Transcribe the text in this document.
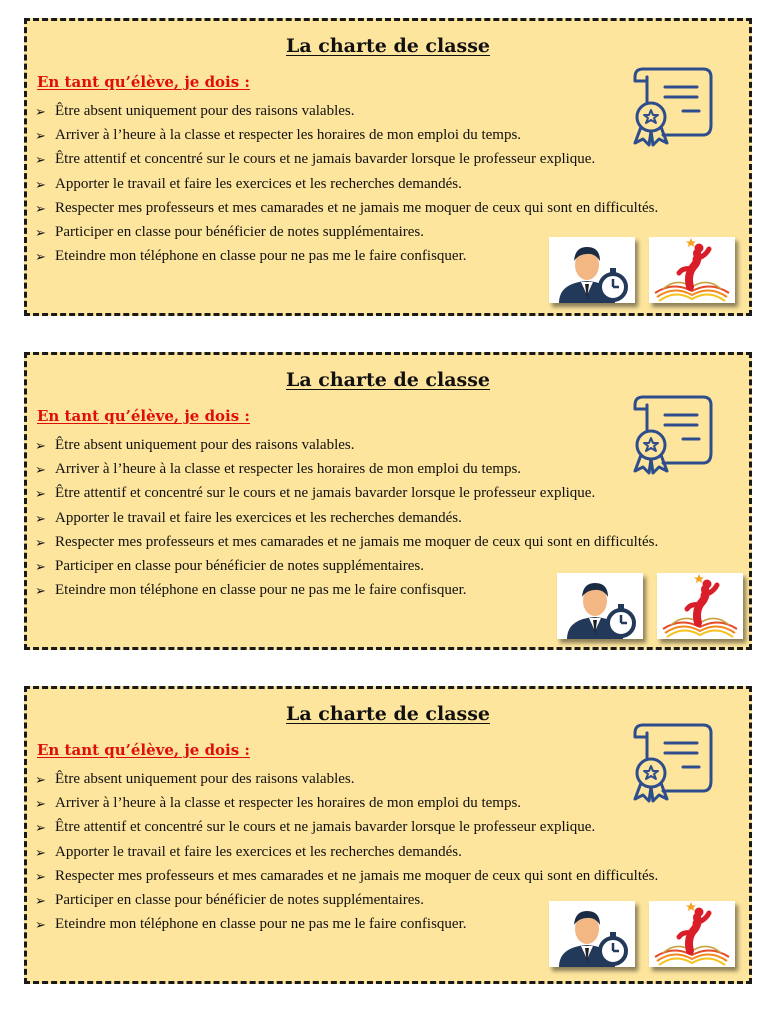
La charte de classe
En tant qu’élève, je dois :
➢ Être absent uniquement pour des raisons valables.
➢ Arriver à l’heure à la classe et respecter les horaires de mon emploi du temps.
➢ Être attentif et concentré sur le cours et ne jamais bavarder lorsque le professeur explique.
➢ Apporter le travail et faire les exercices et les recherches demandés.
➢ Respecter mes professeurs et mes camarades et ne jamais me moquer de ceux qui sont en difficultés.
➢ Participer en classe pour bénéficier de notes supplémentaires.
➢ Eteindre mon téléphone en classe pour ne pas me le faire confisquer.
La charte de classe
En tant qu’élève, je dois :
➢ Être absent uniquement pour des raisons valables.
➢ Arriver à l’heure à la classe et respecter les horaires de mon emploi du temps.
➢ Être attentif et concentré sur le cours et ne jamais bavarder lorsque le professeur explique.
➢ Apporter le travail et faire les exercices et les recherches demandés.
➢ Respecter mes professeurs et mes camarades et ne jamais me moquer de ceux qui sont en difficultés.
➢ Participer en classe pour bénéficier de notes supplémentaires.
➢ Eteindre mon téléphone en classe pour ne pas me le faire confisquer.
La charte de classe
En tant qu’élève, je dois :
➢ Être absent uniquement pour des raisons valables.
➢ Arriver à l’heure à la classe et respecter les horaires de mon emploi du temps.
➢ Être attentif et concentré sur le cours et ne jamais bavarder lorsque le professeur explique.
➢ Apporter le travail et faire les exercices et les recherches demandés.
➢ Respecter mes professeurs et mes camarades et ne jamais me moquer de ceux qui sont en difficultés.
➢ Participer en classe pour bénéficier de notes supplémentaires.
➢ Eteindre mon téléphone en classe pour ne pas me le faire confisquer.
